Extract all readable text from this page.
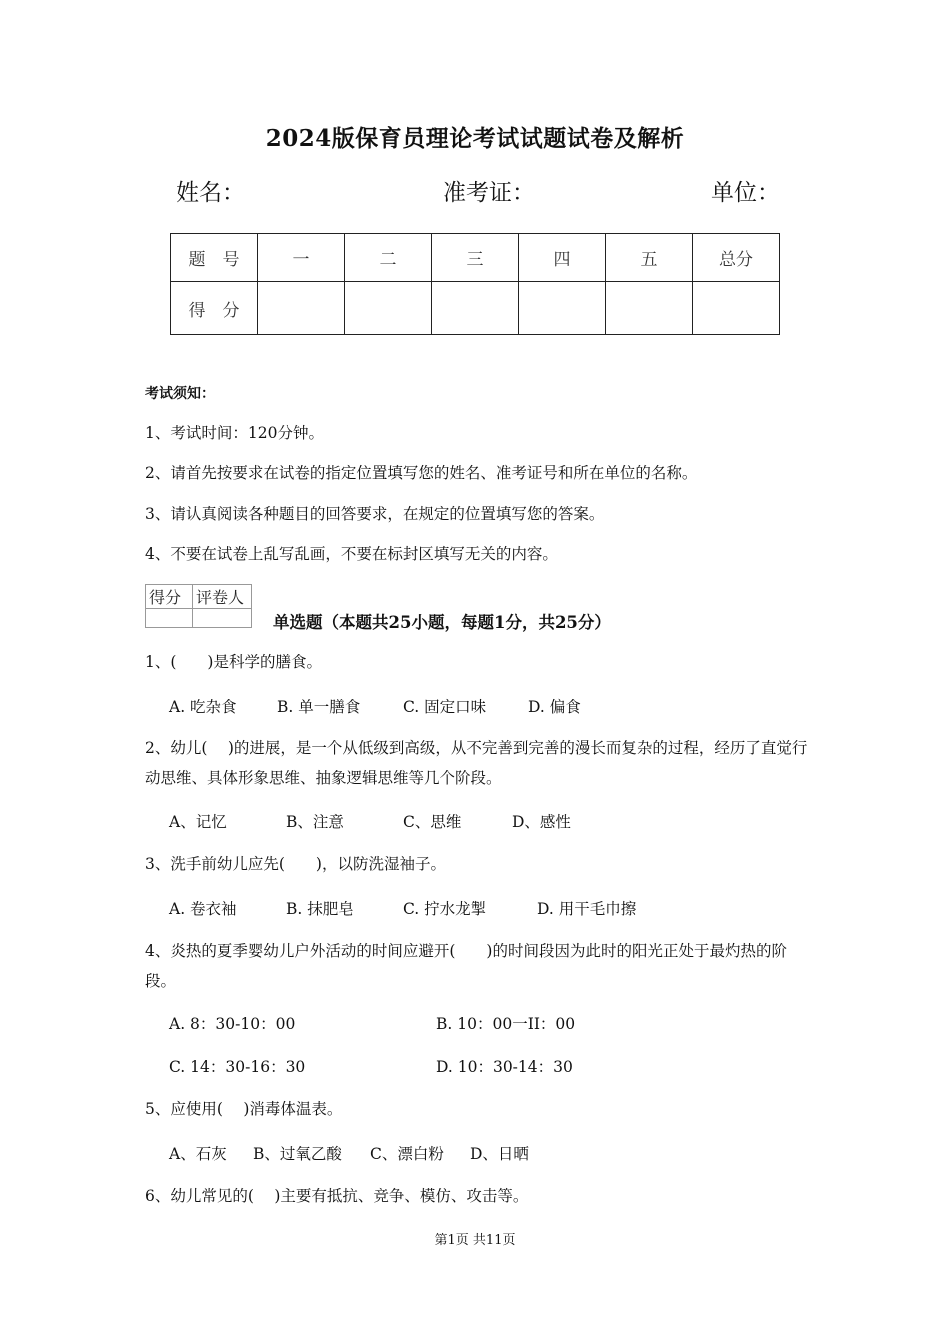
2024版保育员理论考试试题试卷及解析
姓名：	准考证：	单位：
题　号	一	二	三	四	五	总分
得　分						
考试须知：
1、考试时间：120分钟。
2、请首先按要求在试卷的指定位置填写您的姓名、准考证号和所在单位的名称。
3、请认真阅读各种题目的回答要求，在规定的位置填写您的答案。
4、不要在试卷上乱写乱画，不要在标封区填写无关的内容。
得分	评卷人

单选题（本题共25小题，每题1分，共25分）
1、(　　)是科学的膳食。
A. 吃杂食	B. 单一膳食	C. 固定口味	D. 偏食
2、幼儿(　 )的进展，是一个从低级到高级，从不完善到完善的漫长而复杂的过程，经历了直觉行动思维、具体形象思维、抽象逻辑思维等几个阶段。
A、记忆	B、注意	C、思维	D、感性
3、洗手前幼儿应先(　　)，以防洗湿袖子。
A. 卷衣袖	B. 抹肥皂	C. 拧水龙掣	D. 用干毛巾擦
4、炎热的夏季婴幼儿户外活动的时间应避开(　　)的时间段因为此时的阳光正处于最灼热的阶段。
A. 8：30-10：00	B. 10：00一II：00
C. 14：30-16：30	D. 10：30-14：30
5、应使用(　 )消毒体温表。
A、石灰 B、过氧乙酸 C、漂白粉 D、日晒
6、幼儿常见的(　 )主要有抵抗、竞争、模仿、攻击等。
第1页 共11页
